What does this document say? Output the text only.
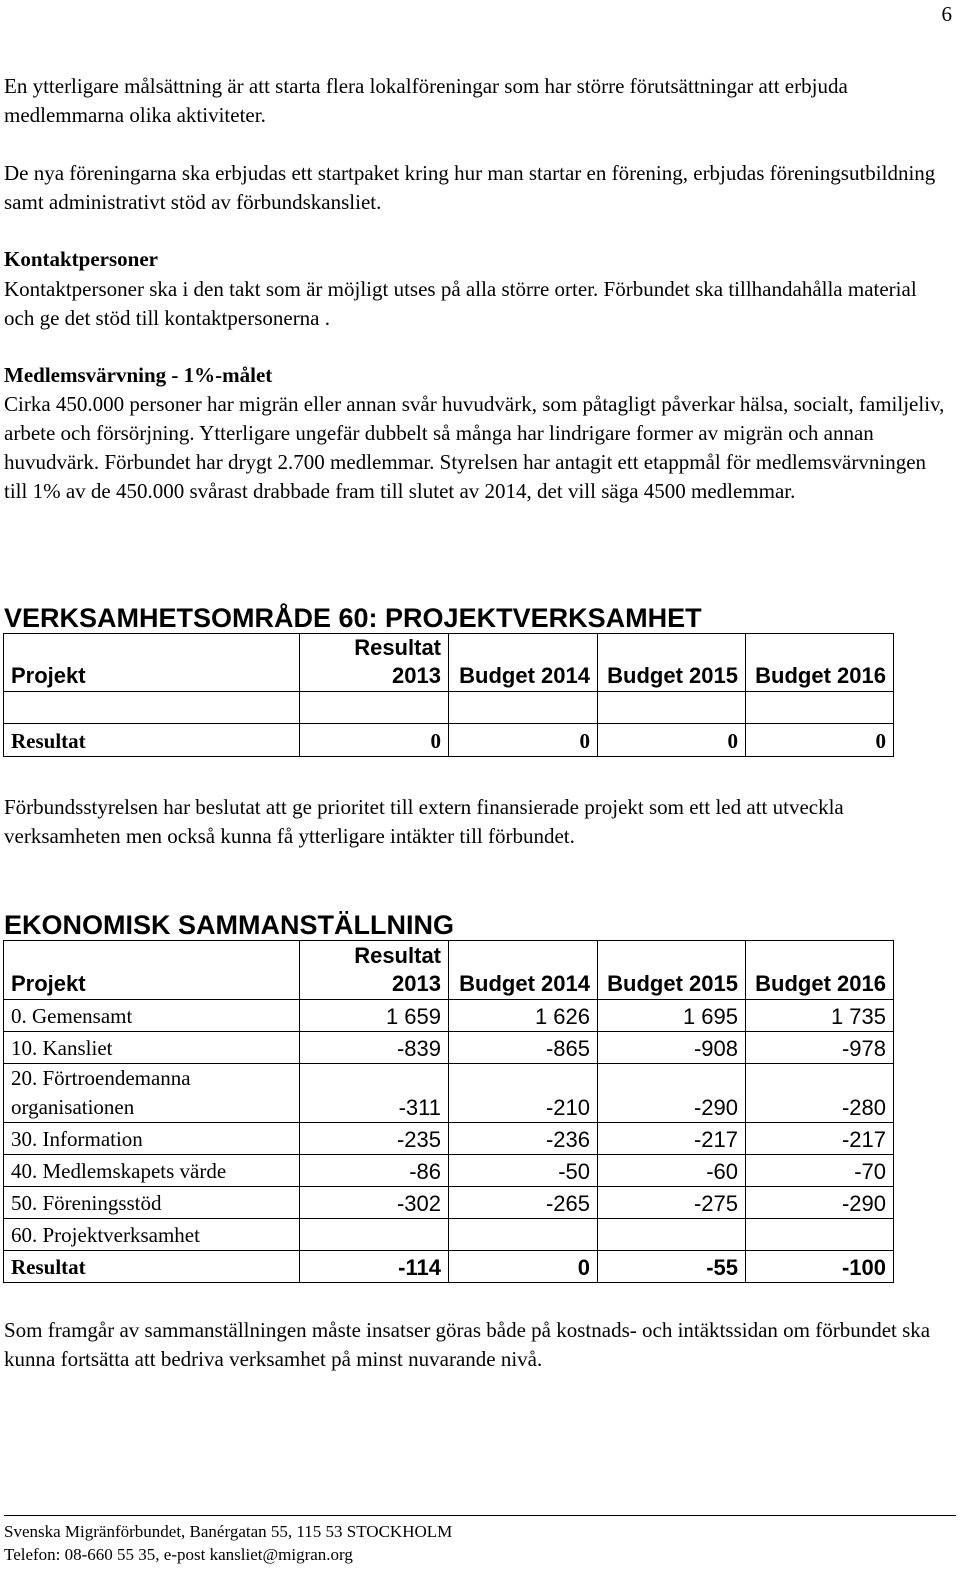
6

En ytterligare målsättning är att starta flera lokalföreningar som har större förutsättningar att erbjuda medlemmarna olika aktiviteter.

De nya föreningarna ska erbjudas ett startpaket kring hur man startar en förening, erbjudas föreningsutbildning samt administrativt stöd av förbundskansliet.

Kontaktpersoner

Kontaktpersoner ska i den takt som är möjligt utses på alla större orter. Förbundet ska tillhandahålla material och ge det stöd till kontaktpersonerna .

Medlemsvärvning - 1%-målet

Cirka 450.000 personer har migrän eller annan svår huvudvärk, som påtagligt påverkar hälsa, socialt, familjeliv, arbete och försörjning. Ytterligare ungefär dubbelt så många har lindrigare former av migrän och annan huvudvärk. Förbundet har drygt 2.700 medlemmar. Styrelsen har antagit ett etappmål för medlemsvärvningen till 1% av de 450.000 svårast drabbade fram till slutet av 2014, det vill säga 4500 medlemmar.

VERKSAMHETSOMRÅDE 60: PROJEKTVERKSAMHET
Projekt	Resultat 2013	Budget 2014	Budget 2015	Budget 2016

Resultat	0	0	0	0

Förbundsstyrelsen har beslutat att ge prioritet till extern finansierade projekt som ett led att utveckla verksamheten men också kunna få ytterligare intäkter till förbundet.

EKONOMISK SAMMANSTÄLLNING
Projekt	Resultat 2013	Budget 2014	Budget 2015	Budget 2016
0. Gemensamt	1 659	1 626	1 695	1 735
10. Kansliet	-839	-865	-908	-978
20. Förtroendemanna organisationen	-311	-210	-290	-280
30. Information	-235	-236	-217	-217
40. Medlemskapets värde	-86	-50	-60	-70
50. Föreningsstöd	-302	-265	-275	-290
60. Projektverksamhet				
Resultat	-114	0	-55	-100

Som framgår av sammanställningen måste insatser göras både på kostnads- och intäktssidan om förbundet ska kunna fortsätta att bedriva verksamhet på minst nuvarande nivå.

Svenska Migränförbundet, Banérgatan 55, 115 53 STOCKHOLM
Telefon: 08-660 55 35, e-post kansliet@migran.org
